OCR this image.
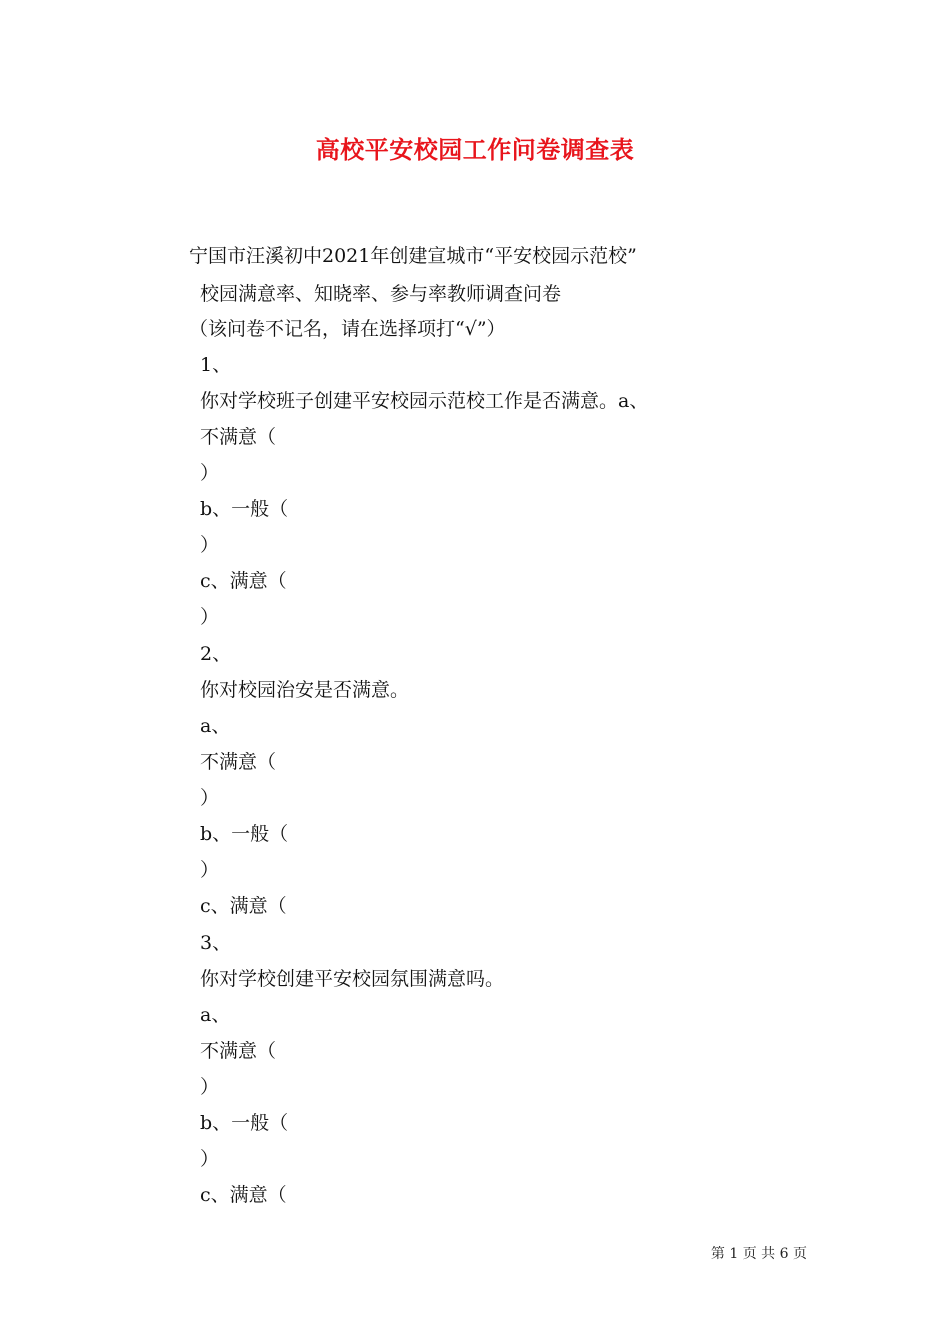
高校平安校园工作问卷调查表
宁国市汪溪初中2021年创建宣城市“平安校园示范校”
校园满意率、知晓率、参与率教师调查问卷
（该问卷不记名，请在选择项打“√”）
1、
你对学校班子创建平安校园示范校工作是否满意。a、
不满意（
）
b、一般（
）
c、满意（
）
2、
你对校园治安是否满意。
a、
不满意（
）
b、一般（
）
c、满意（
3、
你对学校创建平安校园氛围满意吗。
a、
不满意（
）
b、一般（
）
c、满意（
第 1 页 共 6 页
